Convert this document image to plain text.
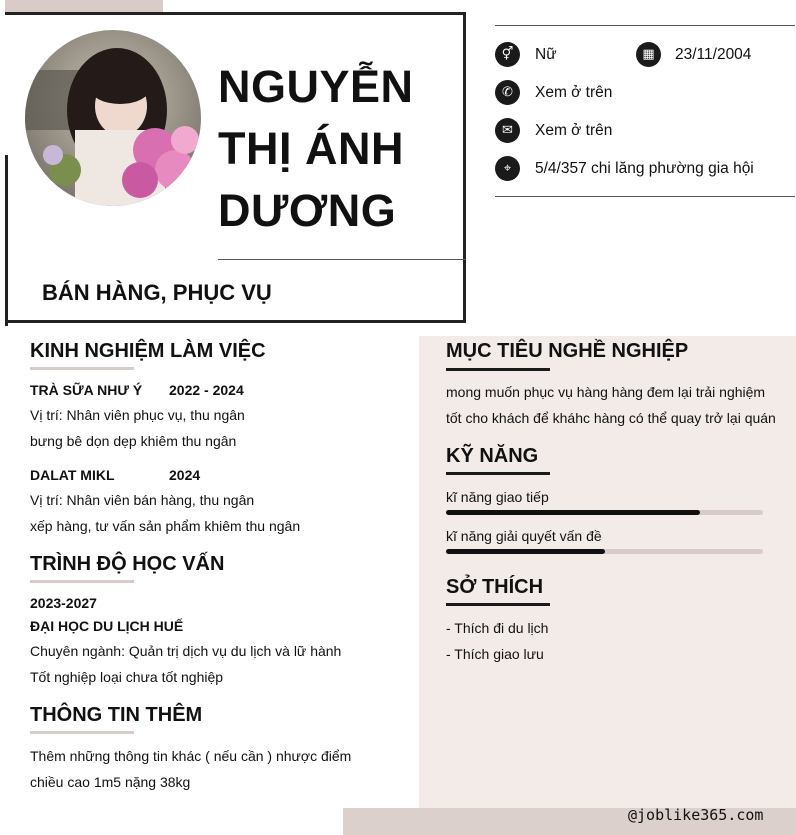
NGUYỄN
THỊ ÁNH
DƯƠNG
BÁN HÀNG, PHỤC VỤ
⚥	Nữ	▦	23/11/2004
✆	Xem ở trên
✉	Xem ở trên
⌖	5/4/357 chi lăng phường gia hội
KINH NGHIỆM LÀM VIỆC
TRÀ SỮA NHƯ Ý 2022 - 2024
Vị trí: Nhân viên phục vụ, thu ngân
bưng bê dọn dẹp khiêm thu ngân
DALAT MIKL	2024
Vị trí: Nhân viên bán hàng, thu ngân
xếp hàng, tư vấn sản phẩm khiêm thu ngân
TRÌNH ĐỘ HỌC VẤN
2023-2027
ĐẠI HỌC DU LỊCH HUẾ
Chuyên ngành: Quản trị dịch vụ du lịch và lữ hành
Tốt nghiệp loại chưa tốt nghiệp
THÔNG TIN THÊM
Thêm những thông tin khác ( nếu cần ) nhược điểm
chiều cao 1m5 nặng 38kg
MỤC TIÊU NGHỀ NGHIỆP
mong muốn phục vụ hàng hàng đem lại trải nghiệm
tốt cho khách để kháhc hàng có thể quay trở lại quán
KỸ NĂNG
kĩ năng giao tiếp
kĩ năng giải quyết vấn đề
SỞ THÍCH
- Thích đi du lịch
- Thích giao lưu
@joblike365.com
